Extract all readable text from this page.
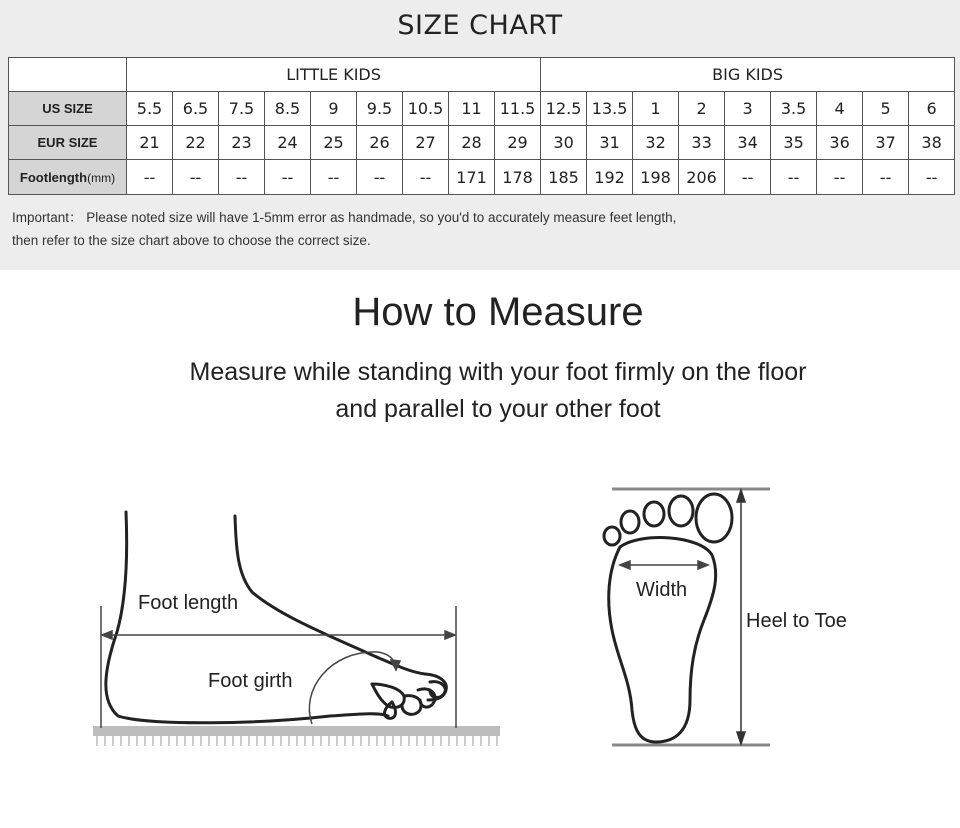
SIZE CHART
	LITTLE KIDS									BIG KIDS								
US SIZE	5.5	6.5	7.5	8.5	9	9.5	10.5	11	11.5	12.5	13.5	1	2	3	3.5	4	5	6
EUR SIZE	21	22	23	24	25	26	27	28	29	30	31	32	33	34	35	36	37	38
Footlength(mm)	--	--	--	--	--	--	--	171	178	185	192	198	206	--	--	--	--	--
Important： Please noted size will have 1-5mm error as handmade, so you'd to accurately measure feet length,
then refer to the size chart above to choose the correct size.
How to Measure
Measure while standing with your foot firmly on the floor
and parallel to your other foot
Foot length
Foot girth
Width
Heel to Toe
